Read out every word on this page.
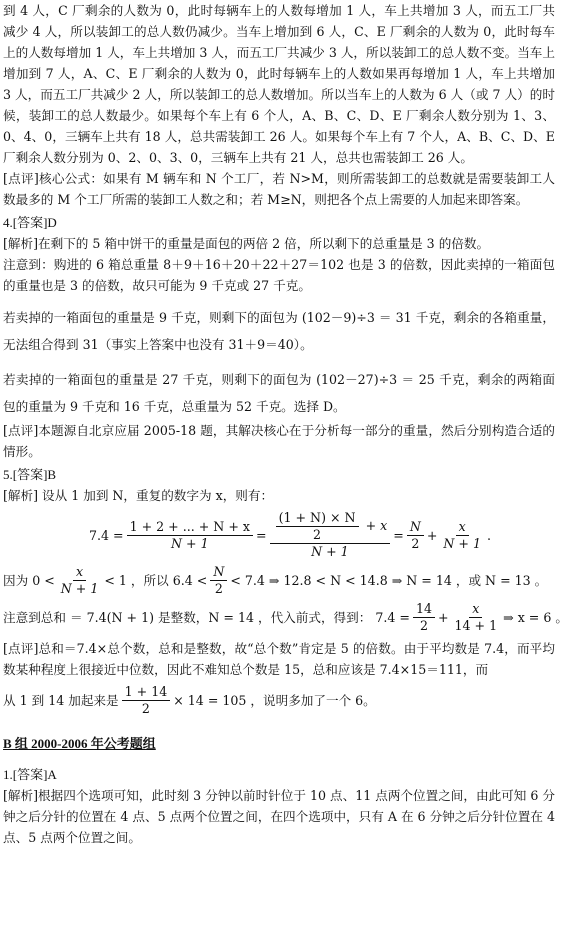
到 4 人，C 厂剩余的人数为 0，此时每辆车上的人数每增加 1 人，车上共增加 3 人，而五工厂共减少 4 人，所以装卸工的总人数仍减少。当车上增加到 6 人，C、E 厂剩余的人数为 0，此时每车上的人数每增加 1 人，车上共增加 3 人，而五工厂共减少 3 人，所以装卸工的总人数不变。当车上增加到 7 人，A、C、E 厂剩余的人数为 0，此时每辆车上的人数如果再每增加 1 人，车上共增加 3 人，而五工厂共减少 2 人，所以装卸工的总人数增加。所以当车上的人数为 6 人（或 7 人）的时候，装卸工的总人数最少。如果每个车上有 6 个人，A、B、C、D、E 厂剩余人数分别为 1、3、0、4、0，三辆车上共有 18 人，总共需装卸工 26 人。如果每个车上有 7 个人，A、B、C、D、E 厂剩余人数分别为 0、2、0、3、0，三辆车上共有 21 人，总共也需装卸工 26 人。

[点评]核心公式：如果有 M 辆车和 N 个工厂，若 N>M，则所需装卸工的总数就是需要装卸工人数最多的 M 个工厂所需的装卸工人数之和；若 M≥N，则把各个点上需要的人加起来即答案。

4.[答案]D

[解析]在剩下的 5 箱中饼干的重量是面包的两倍 2 倍，所以剩下的总重量是 3 的倍数。

注意到：购进的 6 箱总重量 8＋9＋16＋20＋22＋27＝102 也是 3 的倍数，因此卖掉的一箱面包的重量也是 3 的倍数，故只可能为 9 千克或 27 千克。

若卖掉的一箱面包的重量是 9 千克，则剩下的面包为 (102－9)÷3 ＝ 31 千克，剩余的各箱重量，无法组合得到 31（事实上答案中也没有 31＋9＝40）。

若卖掉的一箱面包的重量是 27 千克，则剩下的面包为 (102－27)÷3 ＝ 25 千克，剩余的两箱面包的重量为 9 千克和 16 千克，总重量为 52 千克。选择 D。

[点评]本题源自北京应届 2005-18 题，其解决核心在于分析每一部分的重量，然后分别构造合适的情形。

5.[答案]B

[解析] 设从 1 加到 N，重复的数字为 x，则有：

$7.4 = \frac{1 + 2 + ... + N + x}{N + 1} = \frac{\frac{(1 + N) \times N}{2} + x}{N + 1} = \frac{N}{2} + \frac{x}{N + 1}$ .
因为 $0 < \frac{x}{N + 1} < 1$ ，所以 $6.4 < \frac{N}{2} < 7.4$ ⇒ 12.8 < N < 14.8 ⇒ N = 14 ，或 N = 13 。
注意到总和 ＝ 7.4(N + 1) 是整数，N = 14 ，代入前式，得到： $7.4 = \frac{14}{2} + \frac{x}{14 + 1}$ ⇒ x = 6 。

[点评]总和＝7.4×总个数，总和是整数，故“总个数”肯定是 5 的倍数。由于平均数是 7.4，而平均数某种程度上很接近中位数，因此不难知总个数是 15，总和应该是 7.4×15＝111，而

从 1 到 14 加起来是 $\frac{1 + 14}{2} \times 14 = 105$ ，说明多加了一个 6。

B 组 2000-2006 年公考题组

1.[答案]A

[解析]根据四个选项可知，此时刻 3 分钟以前时针位于 10 点、11 点两个位置之间，由此可知 6 分钟之后分针的位置在 4 点、5 点两个位置之间，在四个选项中，只有 A 在 6 分钟之后分针位置在 4 点、5 点两个位置之间。
